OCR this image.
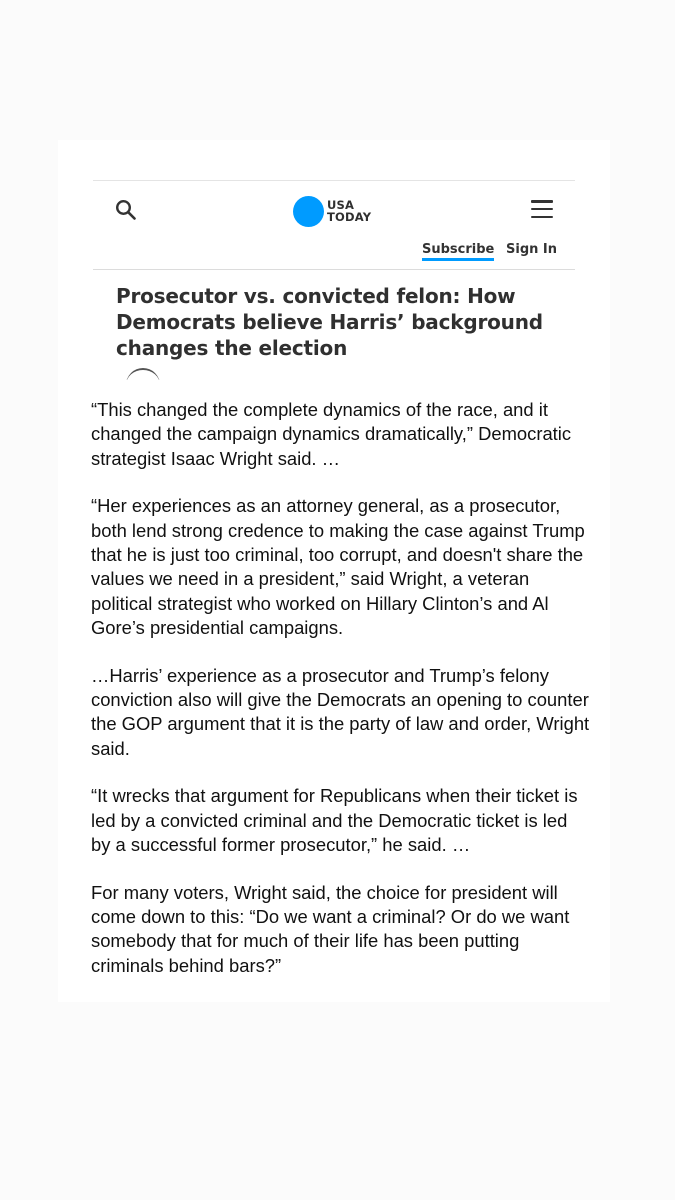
USA
TODAY
Subscribe Sign In
Prosecutor vs. convicted felon: How Democrats believe Harris’ background changes the election

“This changed the complete dynamics of the race, and it changed the campaign dynamics dramatically,” Democratic strategist Isaac Wright said. …

“Her experiences as an attorney general, as a prosecutor, both lend strong credence to making the case against Trump that he is just too criminal, too corrupt, and doesn't share the values we need in a president,” said Wright, a veteran political strategist who worked on Hillary Clinton’s and Al Gore’s presidential campaigns.

…Harris’ experience as a prosecutor and Trump’s felony conviction also will give the Democrats an opening to counter the GOP argument that it is the party of law and order, Wright said.

“It wrecks that argument for Republicans when their ticket is led by a convicted criminal and the Democratic ticket is led by a successful former prosecutor,” he said. …

For many voters, Wright said, the choice for president will come down to this: “Do we want a criminal? Or do we want somebody that for much of their life has been putting criminals behind bars?”
